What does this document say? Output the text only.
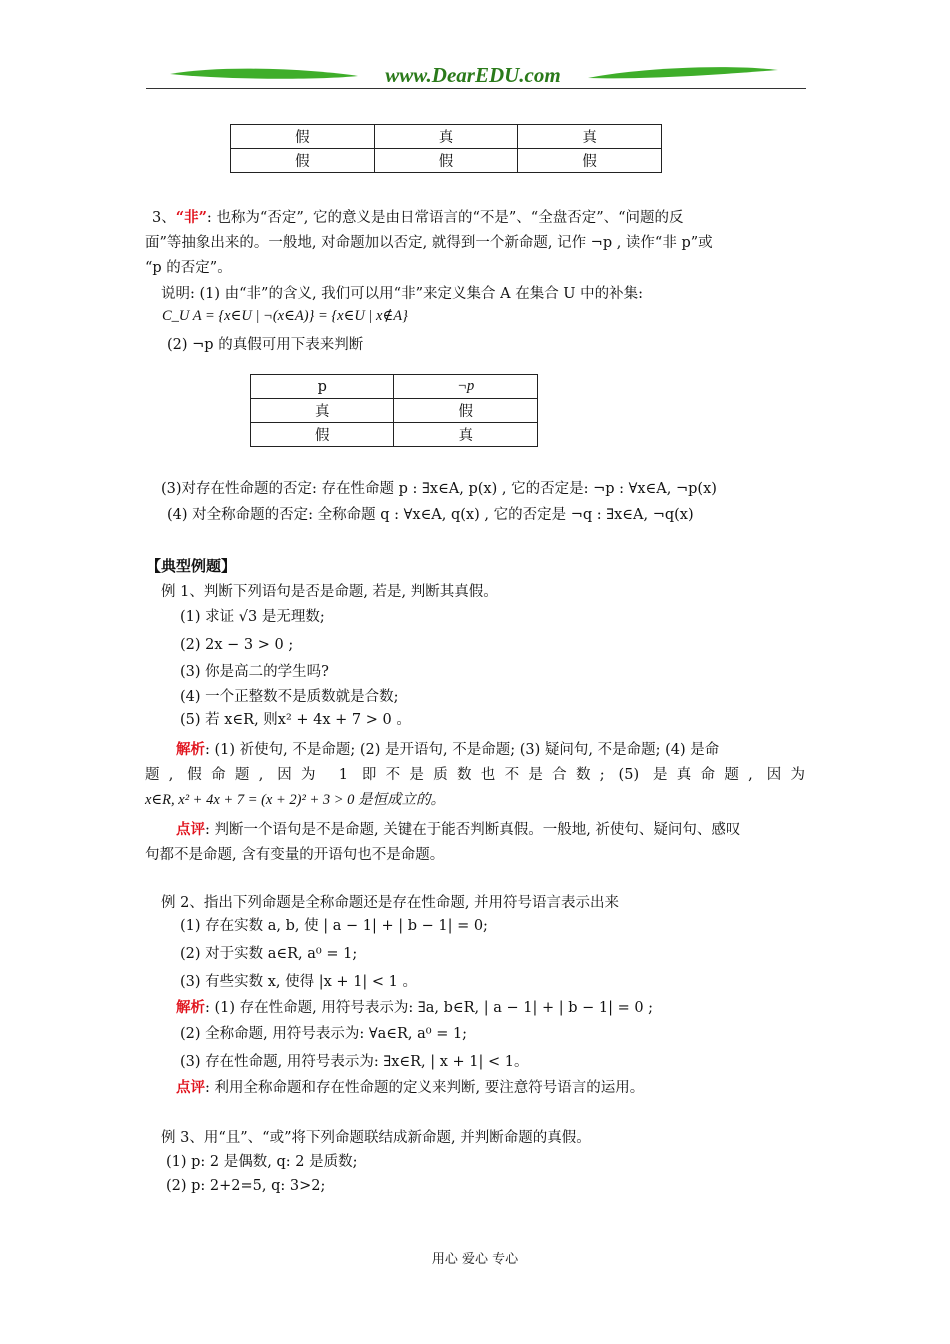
www.DearEDU.com
假	真	真
假	假	假
3、“非”: 也称为“否定”, 它的意义是由日常语言的“不是”、“全盘否定”、“问题的反
面”等抽象出来的。一般地, 对命题加以否定, 就得到一个新命题, 记作 ¬p , 读作“非 p”或
“p 的否定”。
说明: (1) 由“非”的含义, 我们可以用“非”来定义集合 A 在集合 U 中的补集:
C_U A = {x∈U | ¬(x∈A)} = {x∈U | x∉A}
(2) ¬p 的真假可用下表来判断
p	¬p
真	假
假	真
(3)对存在性命题的否定: 存在性命题 p : ∃x∈A, p(x) , 它的否定是: ¬p : ∀x∈A, ¬p(x)
(4) 对全称命题的否定: 全称命题 q : ∀x∈A, q(x) , 它的否定是 ¬q : ∃x∈A, ¬q(x)
【典型例题】
例 1、判断下列语句是否是命题, 若是, 判断其真假。
(1) 求证 √3 是无理数;
(2) 2x − 3 > 0 ;
(3) 你是高二的学生吗?
(4) 一个正整数不是质数就是合数;
(5) 若 x∈R, 则x² + 4x + 7 > 0 。
解析: (1) 祈使句, 不是命题; (2) 是开语句, 不是命题; (3) 疑问句, 不是命题; (4) 是命
题, 假命题, 因为 1 即不是质数也不是合数; (5) 是真命题, 因为
x∈R, x² + 4x + 7 = (x + 2)² + 3 > 0 是恒成立的。
点评: 判断一个语句是不是命题, 关键在于能否判断真假。一般地, 祈使句、疑问句、感叹
句都不是命题, 含有变量的开语句也不是命题。
例 2、指出下列命题是全称命题还是存在性命题, 并用符号语言表示出来
(1) 存在实数 a, b, 使 | a − 1| + | b − 1| = 0;
(2) 对于实数 a∈R, a⁰ = 1;
(3) 有些实数 x, 使得 |x + 1| < 1 。
解析: (1) 存在性命题, 用符号表示为: ∃a, b∈R, | a − 1| + | b − 1| = 0 ;
(2) 全称命题, 用符号表示为: ∀a∈R, a⁰ = 1;
(3) 存在性命题, 用符号表示为: ∃x∈R, | x + 1| < 1。
点评: 利用全称命题和存在性命题的定义来判断, 要注意符号语言的运用。
例 3、用“且”、“或”将下列命题联结成新命题, 并判断命题的真假。
(1) p: 2 是偶数, q: 2 是质数;
(2) p: 2+2=5, q: 3>2;
用心 爱心 专心
